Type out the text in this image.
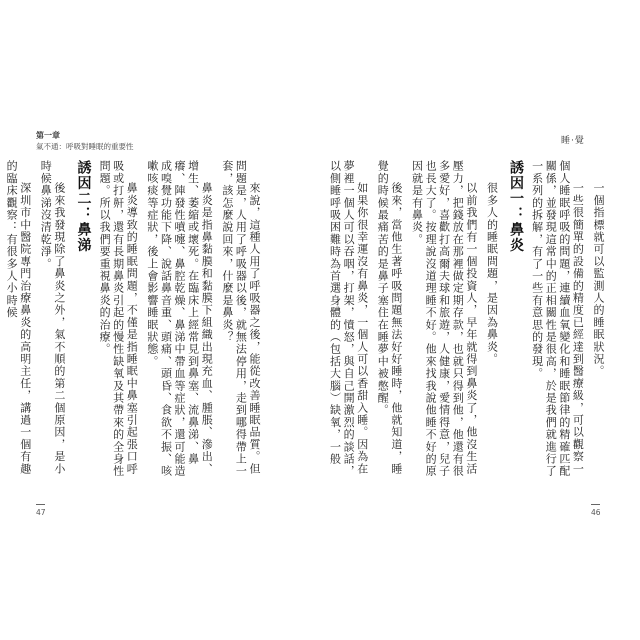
第一章
氣不通：呼吸對睡眠的重要性
睡·覺

一個指標就可以監測人的睡眠狀況。

一些很簡單的設備的精度已經達到醫療級，可以觀察一個人睡眠呼吸的問題，連續血氧變化和睡眠節律的精確匹配關係，並發現這常中的正相關性是很高，於是我們就進行了一系列的拆解，有了一些有意思的發現。

誘因一：鼻炎

很多人的睡眠問題，是因為鼻炎。

以前我們有一個投資人，早年就得到鼻炎了，他沒生活壓力，把錢放在那裡做定期存款，也就只得到他，他還有很多愛好，喜歡打高爾夫球和旅遊，人健康，愛情得意，兒子也長大了。按理說沒道理睡不好。他來找我說他睡不好的原因就是有鼻炎。

後來，當他生著呼吸問題無法好好睡時，他就知道，睡覺的時候最痛苦的是鼻子塞住在睡夢中被憋醒。

如果你很幸運沒有鼻炎，一個人可以香甜入睡。因為在夢裡一個人可以吞咽，打架，憤怒，與自己開激烈的談話，以側睡呼吸困難時為首選身體的（包括大腦）缺氧，一般

來說，這種人用了呼吸器之後，能從改善睡眠品質。但問題是，人用了呼吸器以後，就無法停用，走到哪得帶上一套，該怎麼說回來，什麼是鼻炎？

鼻炎是指鼻黏膜和黏膜下組織出現充血、腫脹、滲出、增生、萎縮或壞死。在臨床上經常見到鼻塞、流鼻涕、鼻癢、陣發性噴嚏、鼻腔乾燥、鼻涕中帶血等症狀，還可能造成嗅覺功能下降、說話鼻音重、頭痛、頭昏、食欲不振、咳嗽咳痰等症狀，後上會影響睡眠狀態。

鼻炎導致的睡眠問題，不僅是指睡眠中鼻塞引起張口呼吸或打鼾，還有長期鼻炎引起的慢性缺氧及其帶來的全身性問題。所以我們要重視鼻炎的治療。

誘因二：鼻涕

後來我發現除了鼻炎之外，氣不順的第二個原因，是小時候鼻涕沒清乾淨。

深圳市中醫院專門治療鼻炎的高明主任，講過一個有趣的臨床觀察：有很多人小時候

47	46
